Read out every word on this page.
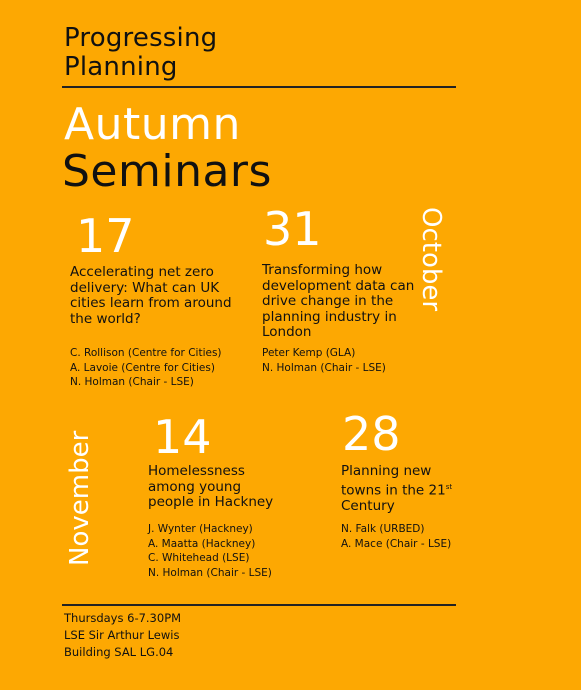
Progressing
Planning
Autumn
Seminars
October
17
Accelerating net zero delivery: What can UK cities learn from around the world?
C. Rollison (Centre for Cities)
A. Lavoie (Centre for Cities)
N. Holman (Chair - LSE)
31
Transforming how development data can drive change in the planning industry in London
Peter Kemp (GLA)
N. Holman (Chair - LSE)
November 14
Homelessness among young people in Hackney
J. Wynter (Hackney)
A. Maatta (Hackney)
C. Whitehead (LSE)
N. Holman (Chair - LSE)
28
Planning new towns in the 21st
Century
N. Falk (URBED)
A. Mace (Chair - LSE)
Thursdays 6-7.30PM
LSE Sir Arthur Lewis
Building SAL LG.04
